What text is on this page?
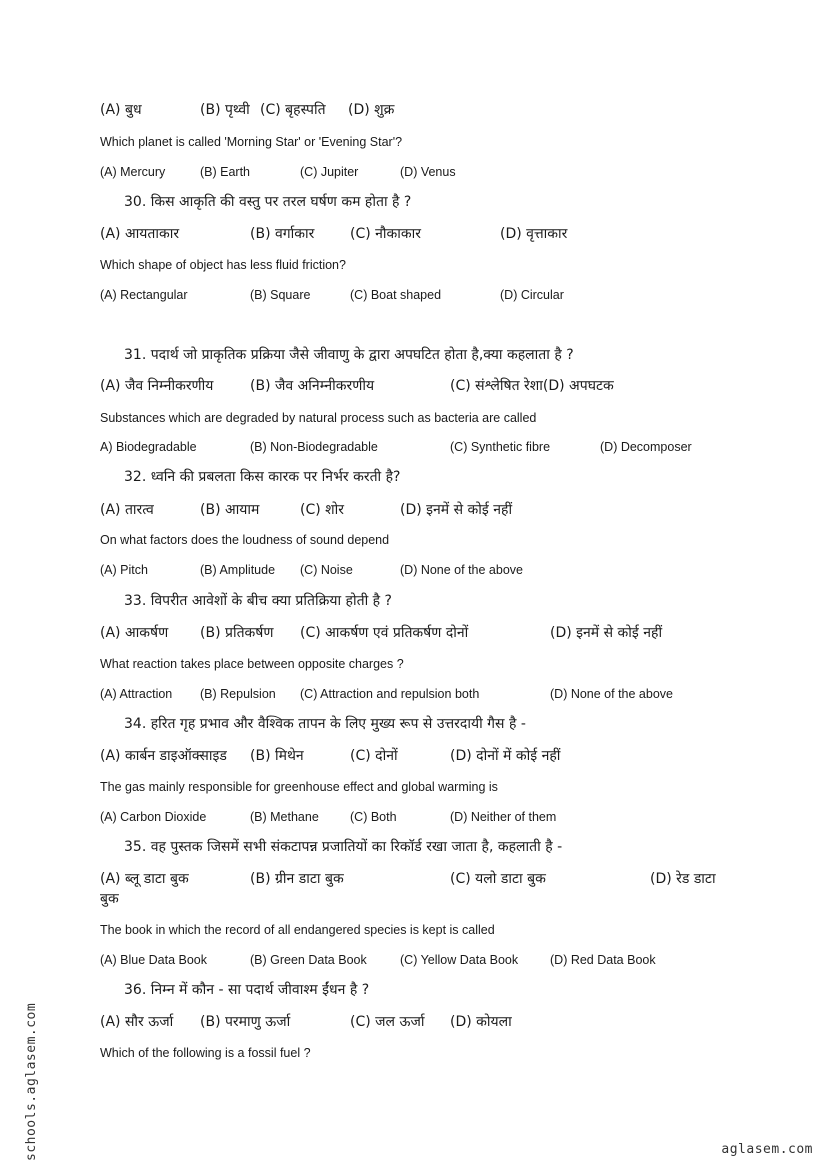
(A) बुध	(B) पृथ्वी (C) बृहस्पति (D) शुक्र
Which planet is called 'Morning Star' or 'Evening Star'?
(A) Mercury	(B) Earth	(C) Jupiter	(D) Venus
30. किस आकृति की वस्तु पर तरल घर्षण कम होता है ?
(A) आयताकार	(B) वर्गाकार	(C) नौकाकार	(D) वृत्ताकार
Which shape of object has less fluid friction?
(A) Rectangular	(B) Square	(C) Boat shaped	(D) Circular
31. पदार्थ जो प्राकृतिक प्रक्रिया जैसे जीवाणु के द्वारा अपघटित होता है,क्या कहलाता है ?
(A) जैव निम्नीकरणीय	(B) जैव अनिम्नीकरणीय	(C) संश्लेषित रेशा(D) अपघटक
Substances which are degraded by natural process such as bacteria are called
A) Biodegradable	(B) Non-Biodegradable	(C) Synthetic fibre	(D) Decomposer
32. ध्वनि की प्रबलता किस कारक पर निर्भर करती है?
(A) तारत्व	(B) आयाम	(C) शोर	(D) इनमें से कोई नहीं
On what factors does the loudness of sound depend
(A) Pitch	(B) Amplitude (C) Noise	(D) None of the above
33. विपरीत आवेशों के बीच क्या प्रतिक्रिया होती है ?
(A) आकर्षण (B) प्रतिकर्षण (C) आकर्षण एवं प्रतिकर्षण दोनों	(D) इनमें से कोई नहीं
What reaction takes place between opposite charges ?
(A) Attraction (B) Repulsion (C) Attraction and repulsion both	(D) None of the above
34. हरित गृह प्रभाव और वैश्विक तापन के लिए मुख्य रूप से उत्तरदायी गैस है -
(A) कार्बन डाइऑक्साइड (B) मिथेन	(C) दोनों	(D) दोनों में कोई नहीं
The gas mainly responsible for greenhouse effect and global warming is
(A) Carbon Dioxide	(B) Methane (C) Both	(D) Neither of them
35. वह पुस्तक जिसमें सभी संकटापन्न प्रजातियों का रिकॉर्ड रखा जाता है, कहलाती है -
(A) ब्लू डाटा बुक	(B) ग्रीन डाटा बुक	(C) यलो डाटा बुक	(D) रेड डाटा
बुक
The book in which the record of all endangered species is kept is called
(A) Blue Data Book	(B) Green Data Book	(C) Yellow Data Book	(D) Red Data Book
36. निम्न में कौन - सा पदार्थ जीवाश्म ईंधन है ?
(A) सौर ऊर्जा (B) परमाणु ऊर्जा	(C) जल ऊर्जा (D) कोयला
Which of the following is a fossil fuel ?
schools.aglasem.com	aglasem.com
